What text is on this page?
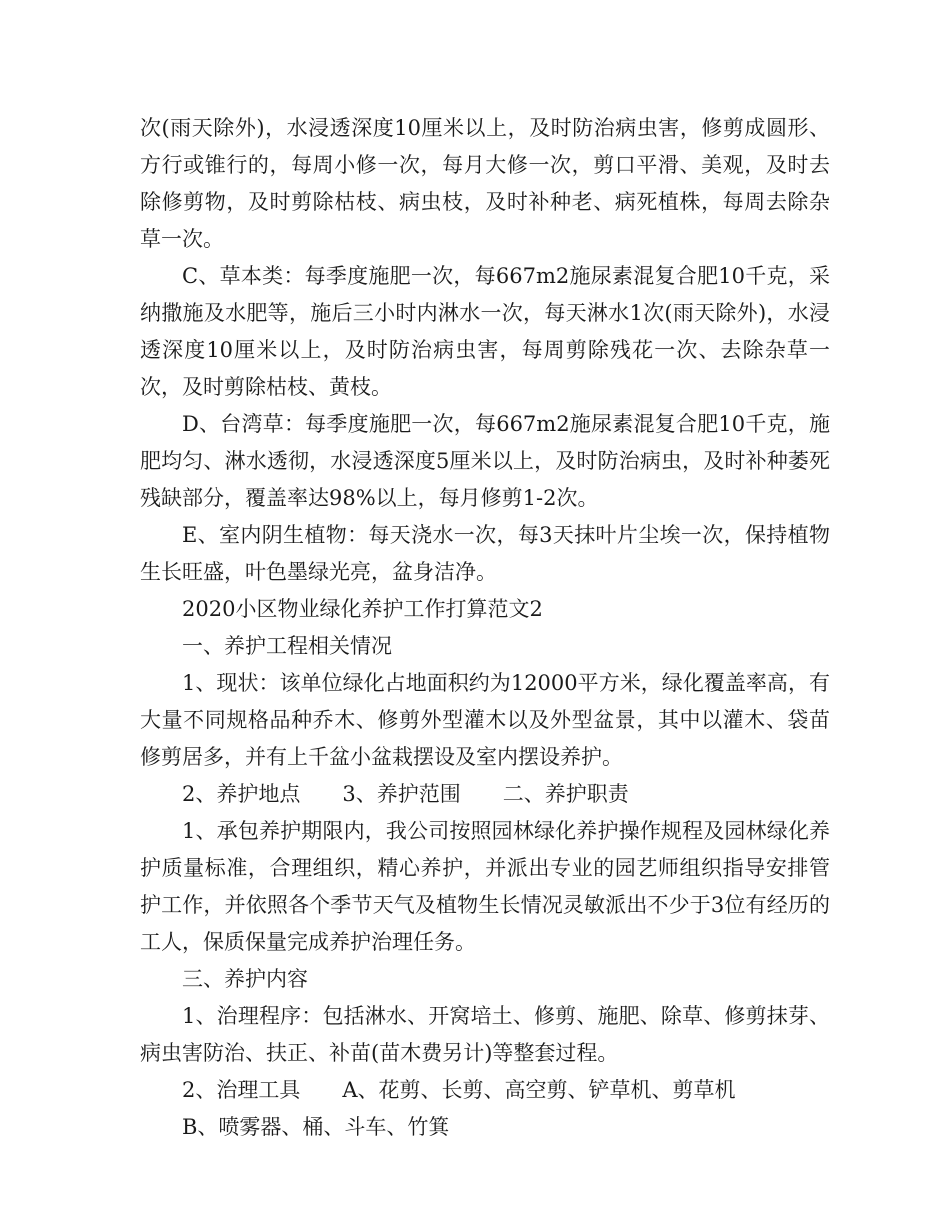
次(雨天除外)，水浸透深度10厘米以上，及时防治病虫害，修剪成圆形、方行或锥行的，每周小修一次，每月大修一次，剪口平滑、美观，及时去除修剪物，及时剪除枯枝、病虫枝，及时补种老、病死植株，每周去除杂草一次。

C、草本类：每季度施肥一次，每667m2施尿素混复合肥10千克，采纳撒施及水肥等，施后三小时内淋水一次，每天淋水1次(雨天除外)，水浸透深度10厘米以上，及时防治病虫害，每周剪除残花一次、去除杂草一次，及时剪除枯枝、黄枝。

D、台湾草：每季度施肥一次，每667m2施尿素混复合肥10千克，施肥均匀、淋水透彻，水浸透深度5厘米以上，及时防治病虫，及时补种萎死残缺部分，覆盖率达98%以上，每月修剪1-2次。

E、室内阴生植物：每天浇水一次，每3天抹叶片尘埃一次，保持植物生长旺盛，叶色墨绿光亮，盆身洁净。

2020小区物业绿化养护工作打算范文2

一、养护工程相关情况

1、现状：该单位绿化占地面积约为12000平方米，绿化覆盖率高，有大量不同规格品种乔木、修剪外型灌木以及外型盆景，其中以灌木、袋苗修剪居多，并有上千盆小盆栽摆设及室内摆设养护。

2、养护地点　　3、养护范围　　二、养护职责

1、承包养护期限内，我公司按照园林绿化养护操作规程及园林绿化养护质量标准，合理组织，精心养护，并派出专业的园艺师组织指导安排管护工作，并依照各个季节天气及植物生长情况灵敏派出不少于3位有经历的工人，保质保量完成养护治理任务。

三、养护内容

1、治理程序：包括淋水、开窝培土、修剪、施肥、除草、修剪抹芽、病虫害防治、扶正、补苗(苗木费另计)等整套过程。

2、治理工具　　A、花剪、长剪、高空剪、铲草机、剪草机

B、喷雾器、桶、斗车、竹箕
